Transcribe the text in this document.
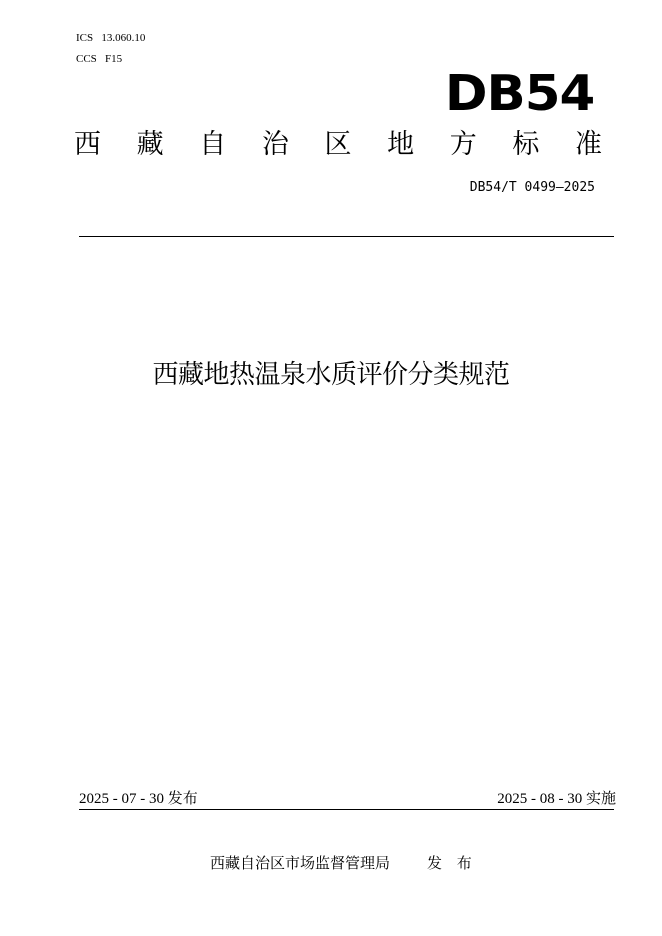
ICS   13.060.10
CCS   F15
DB54
西 藏 自 治 区 地 方 标 准
DB54/T 0499—2025
西藏地热温泉水质评价分类规范
2025 - 07 - 30 发布	2025 - 08 - 30 实施
西藏自治区市场监督管理局 发 布
